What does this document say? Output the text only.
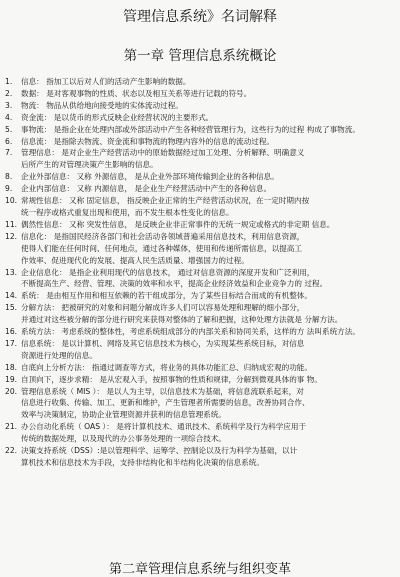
管理信息系统》名词解释
第一章 管理信息系统概论
1. 信息： 指加工以后对人们的活动产生影响的数据。
2. 数据： 是对客观事物的性质、状态以及相互关系等进行记载的符号。
3. 物流： 物品从供给地向接受地的实体流动过程。
4. 资金流： 是以货币的形式反映企业经营状况的主要形式。
5. 事物流： 是指企业在处理内部或外部活动中产生各种经营管理行为，这些行为的过程 构成了事物流。
6. 信息流： 是指除去物流、资金流和事物流的物理内容外的信息的流动过程。
7. 管理信息： 是对企业生产经营活动中的原始数据经过加工处理、分析解释、明确意义
后所产生的对管理决策产生影响的信息。
8. 企业外部信息： 又称 外源信息， 是从企业外部环境传输到企业的各种信息。
9. 企业内部信息： 又称 内源信息， 是企业生产经营活动中产生的各种信息。
10. 常规性信息： 又称 固定信息， 指反映企业正常的生产经营活动状况，在一定时期内按
统一程序或格式重复出现和使用，而不发生根本性变化的信息。
11. 偶然性信息： 又称 突发性信息， 是反映企业非正常事件的无统一规定或格式的非定期 信息。
12. 信息化： 是指国民经济各部门和社会活动各领域普遍采用信息技术，利用信息资源，
使得人们能在任何时间、任何地点，通过各种媒体，使用和传递所需信息，以提高工
作效率、促进现代化的发展、提高人民生活质量、增强国力的过程。
13. 企业信息化： 是指企业利用现代的信息技术， 通过对信息资源的深度开发和广泛利用，
不断提高生产、经营、管理、决策的效率和水平，提高企业经济效益和企业竞争力的 过程。
14. 系统： 是由相互作用和相互依赖的若干组成部分，为了某些目标结合而成的有机整体。
15. 分解方法： 把被研究的对象和问题分解成许多人们可以容易处理和理解的细小部分，
并通过对这些被分解的部分进行研究来获得对整体的了解和把握，这种处理方法就是 分解方法。
16. 系统方法： 考虑系统的整体性，考虑系统组成部分的内部关系和协同关系，这样的方 法叫系统方法。
17. 信息系统： 是以计算机、网络及其它信息技术为核心，为实现某些系统目标，对信息
资源进行处理的信息。
18. 自底向上分析方法： 指通过调查等方式，将业务的具体功能汇总、归纳成宏观的功能。
19. 自顶向下，逐步求精： 是从宏观入手，按照事物的性质和规律，分解到微观具体的事 物。
20. 管理信息系统（ MIS ）： 是以人为主导，以信息技术为基础，将信息流联系起来，对
信息进行收集、传输、加工、更新和维护，产生管理者所需要的信息，改善协同合作、
效率与决策制定，协助企业管理资源并获利的信息管理系统。
21. 办公自动化系统（ OAS ）： 是将计算机技术、通讯技术、系统科学及行为科学应用于
传统的数据处理，以及现代的办公事务处理的一项综合技术。
22. 决策支持系统（DSS）:是以管理科学、运筹学、控制论以及行为科学为基础，以计
算机技术和信息技术为手段，支持非结构化和半结构化决策的信息系统。
第二章管理信息系统与组织变革
